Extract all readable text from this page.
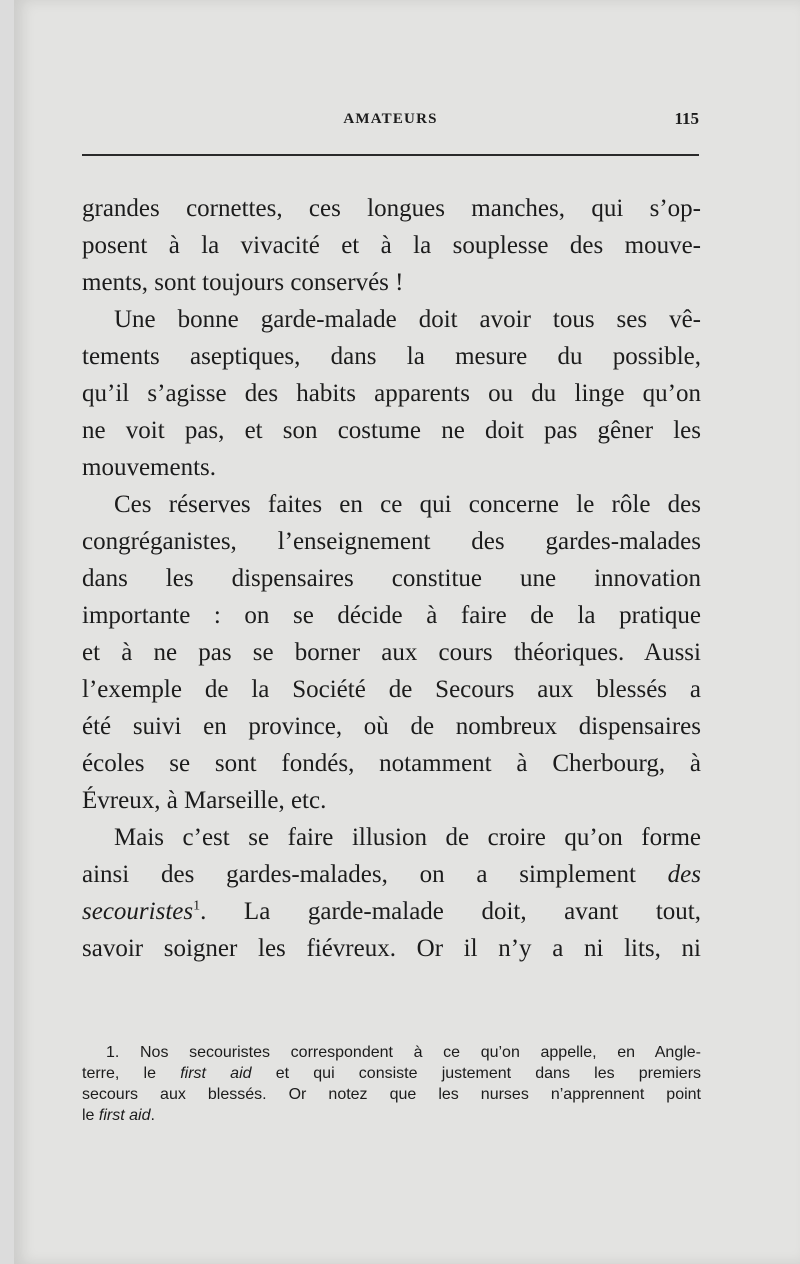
AMATEURS	115
grandes cornettes, ces longues manches, qui s’op-
posent à la vivacité et à la souplesse des mouve-
ments, sont toujours conservés !
Une bonne garde-malade doit avoir tous ses vê-
tements aseptiques, dans la mesure du possible,
qu’il s’agisse des habits apparents ou du linge qu’on
ne voit pas, et son costume ne doit pas gêner les
mouvements.
Ces réserves faites en ce qui concerne le rôle des
congréganistes, l’enseignement des gardes-malades
dans les dispensaires constitue une innovation
importante : on se décide à faire de la pratique
et à ne pas se borner aux cours théoriques. Aussi
l’exemple de la Société de Secours aux blessés a
été suivi en province, où de nombreux dispensaires
écoles se sont fondés, notamment à Cherbourg, à
Évreux, à Marseille, etc.
Mais c’est se faire illusion de croire qu’on forme
ainsi des gardes-malades, on a simplement des
secouristes$^1$. La garde-malade doit, avant tout,
savoir soigner les fiévreux. Or il n’y a ni lits, ni
1. Nos secouristes correspondent à ce qu’on appelle, en Angle-
terre, le first aid et qui consiste justement dans les premiers
secours aux blessés. Or notez que les nurses n’apprennent point
le first aid.
